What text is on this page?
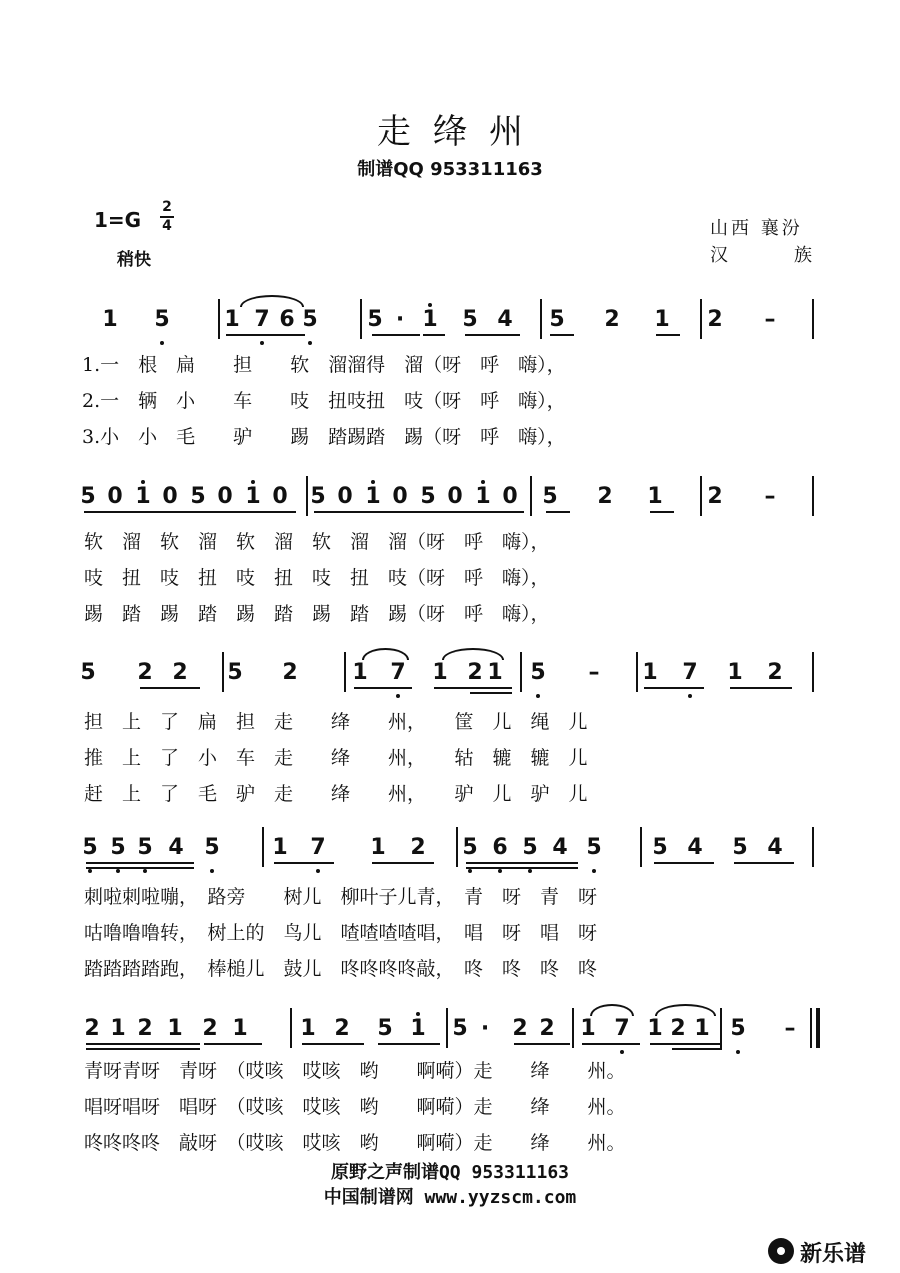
走绛州
制谱QQ 953311163
1=G
2
4
稍快
山西 襄汾
汉	族
1 5 1 7 6 5 5 · 1 5 4 5 2 1 2 –
1.一　根　扁　　担　　软　溜溜得　溜（呀　呼　嗨），
2.一　辆　小　　车　　吱　扭吱扭　吱（呀　呼　嗨），
3.小　小　毛　　驴　　踢　踏踢踏　踢（呀　呼　嗨），
5 0 1 0 5 0 1 0 5 0 1 0 5 0 1 0 5 2 1 2 –
软　溜　软　溜　软　溜　软　溜　溜（呀　呼　嗨），
吱　扭　吱　扭　吱　扭　吱　扭　吱（呀　呼　嗨），
踢　踏　踢　踏　踢　踏　踢　踏　踢（呀　呼　嗨），
5 2 2 5 2 1 7 1 2 1 5 – 1 7 1 2
担　上　了　扁　担　走　　绛　　州，　　筐　儿　绳　儿
推　上　了　小　车　走　　绛　　州，　　轱　辘　辘　儿
赶　上　了　毛　驴　走　　绛　　州，　　驴　儿　驴　儿
5 5 5 4 5 1 7 1 2 5 6 5 4 5 5 4 5 4
刺啦刺啦嘣，　路旁　　树儿　柳叶子儿青，　青　呀　青　呀
咕噜噜噜转，　树上的　鸟儿　喳喳喳喳唱，　唱　呀　唱　呀
踏踏踏踏跑，　棒槌儿　鼓儿　咚咚咚咚敲，　咚　咚　咚　咚
2 1 2 1 2 1 1 2 5 1 5 ·	2 2 1 7 1 2 1 5 –
青呀青呀　青呀　（哎咳　哎咳　哟　　啊嗬）走　　绛　　州。
唱呀唱呀　唱呀　（哎咳　哎咳　哟　　啊嗬）走　　绛　　州。
咚咚咚咚　敲呀　（哎咳　哎咳　哟　　啊嗬）走　　绛　　州。
原野之声制谱QQ 953311163
中国制谱网 www.yyzscm.com
新乐谱
